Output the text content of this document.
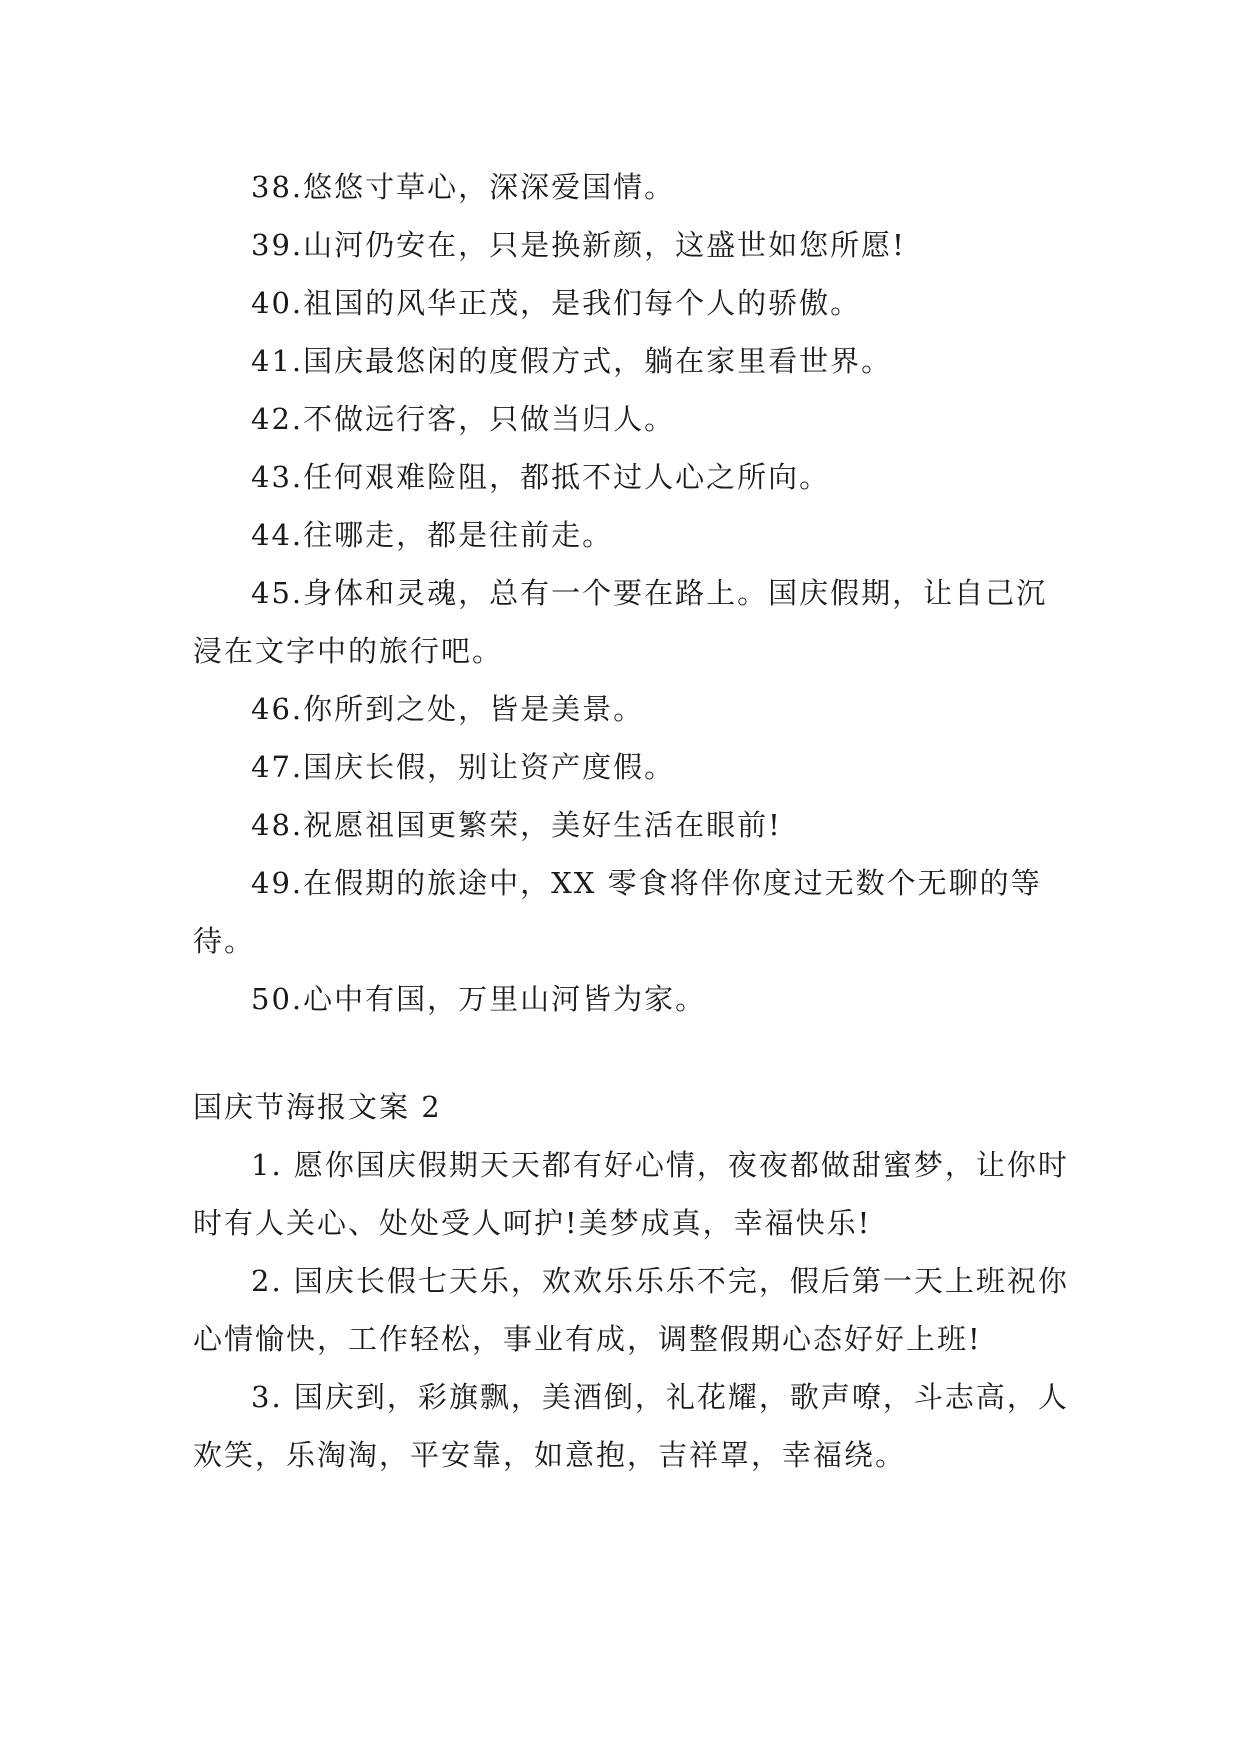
38.悠悠寸草心，深深爱国情。

39.山河仍安在，只是换新颜，这盛世如您所愿!

40.祖国的风华正茂，是我们每个人的骄傲。

41.国庆最悠闲的度假方式，躺在家里看世界。

42.不做远行客，只做当归人。

43.任何艰难险阻，都抵不过人心之所向。

44.往哪走，都是往前走。

45.身体和灵魂，总有一个要在路上。国庆假期，让自己沉浸在文字中的旅行吧。

46.你所到之处，皆是美景。

47.国庆长假，别让资产度假。

48.祝愿祖国更繁荣，美好生活在眼前!

49.在假期的旅途中，XX 零食将伴你度过无数个无聊的等待。

50.心中有国，万里山河皆为家。

国庆节海报文案 2

1. 愿你国庆假期天天都有好心情，夜夜都做甜蜜梦，让你时时有人关心、处处受人呵护!美梦成真，幸福快乐!

2. 国庆长假七天乐，欢欢乐乐乐不完，假后第一天上班祝你心情愉快，工作轻松，事业有成，调整假期心态好好上班!

3. 国庆到，彩旗飘，美酒倒，礼花耀，歌声嘹，斗志高，人欢笑，乐淘淘，平安靠，如意抱，吉祥罩，幸福绕。
